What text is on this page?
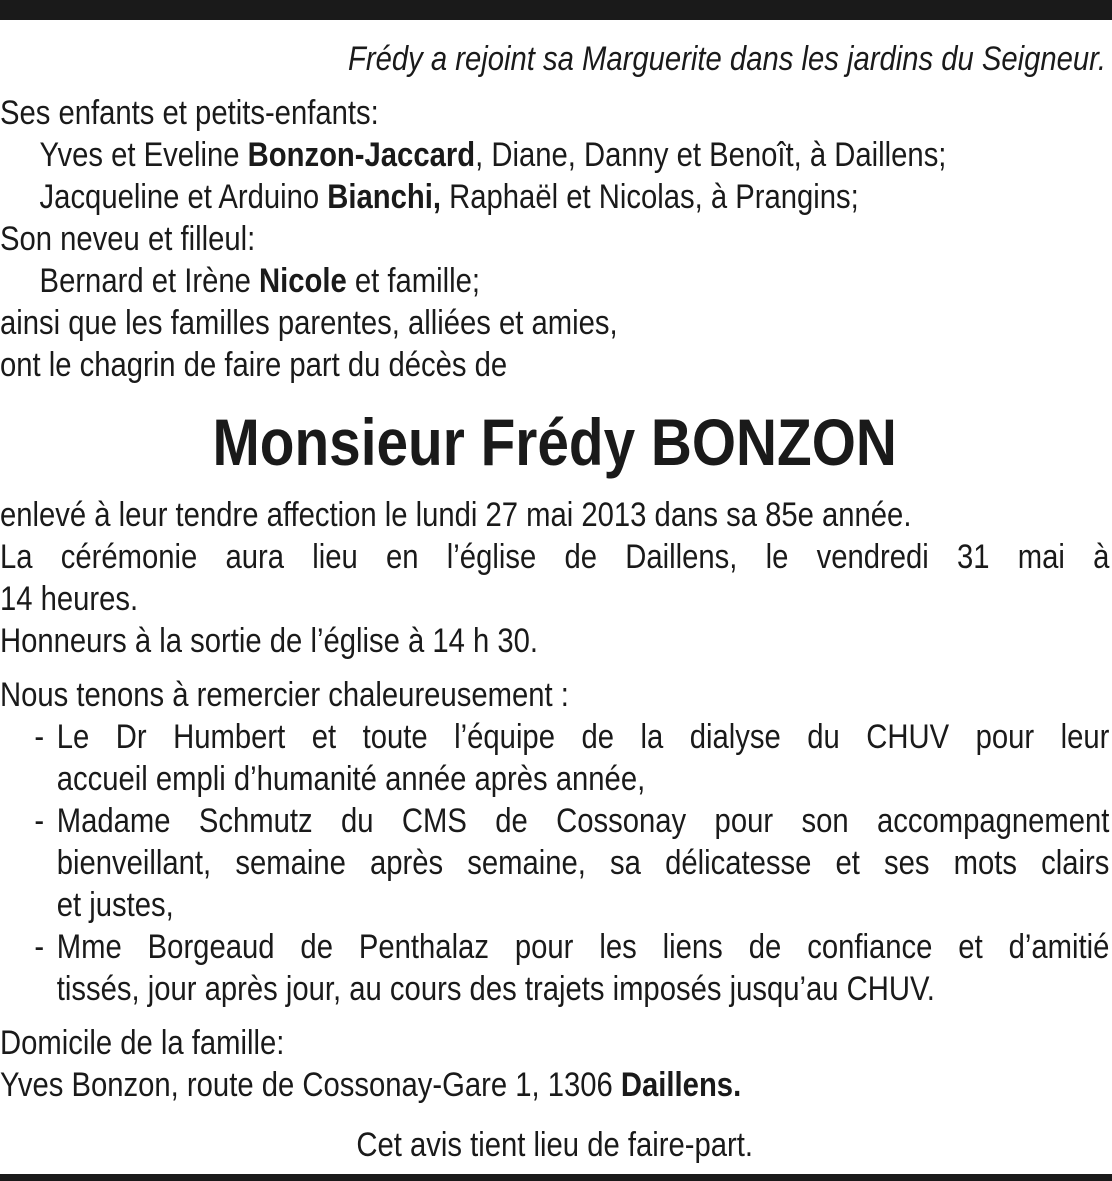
Frédy a rejoint sa Marguerite dans les jardins du Seigneur.

Ses enfants et petits-enfants:

Yves et Eveline Bonzon-Jaccard, Diane, Danny et Benoît, à Daillens;

Jacqueline et Arduino Bianchi, Raphaël et Nicolas, à Prangins;

Son neveu et filleul:

Bernard et Irène Nicole et famille;

ainsi que les familles parentes, alliées et amies,

ont le chagrin de faire part du décès de

Monsieur Frédy BONZON

enlevé à leur tendre affection le lundi 27 mai 2013 dans sa 85e année.

La cérémonie aura lieu en l’église de Daillens, le vendredi 31 mai à

14 heures.

Honneurs à la sortie de l’église à 14 h 30.

Nous tenons à remercier chaleureusement :

- Le Dr Humbert et toute l’équipe de la dialyse du CHUV pour leur
accueil empli d’humanité année après année,
- Madame Schmutz du CMS de Cossonay pour son accompagnement
bienveillant, semaine après semaine, sa délicatesse et ses mots clairs
et justes,
- Mme Borgeaud de Penthalaz pour les liens de confiance et d’amitié
tissés, jour après jour, au cours des trajets imposés jusqu’au CHUV.

Domicile de la famille:

Yves Bonzon, route de Cossonay-Gare 1, 1306 Daillens.

Cet avis tient lieu de faire-part.
